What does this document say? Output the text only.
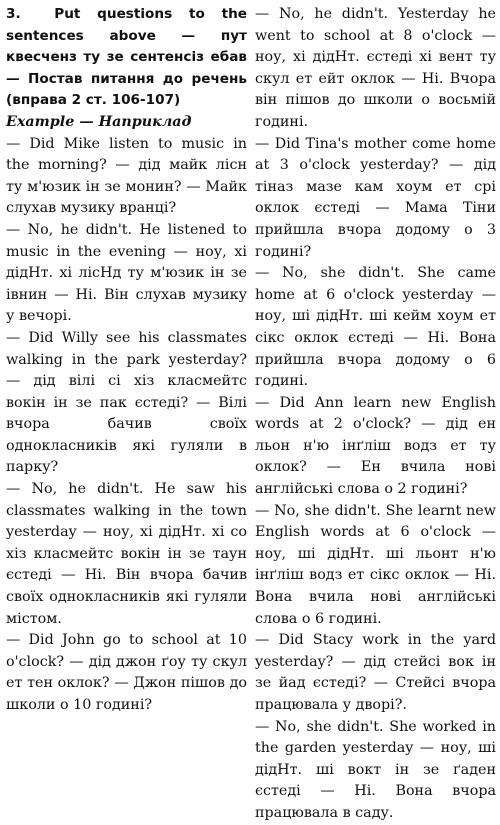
3. Put questions to the sentences above — пут квесченз ту зе сентенсіз ебав — Постав питання до речень (вправа 2 ст. 106-107)

Example — Наприклад

— Did Mike listen to music in the morning? — дід майк лісн ту м'юзик ін зе монин? — Майк слухав музику вранці?

— No, he didn't. He listened to music in the evening — ноу, хі дідНт. хі лісНд ту м'юзик ін зе івнин — Ні. Він слухав музику у вечорі.

— Did Willy see his classmates walking in the park yesterday? — дід вілі сі хіз класмейтс вокін ін зе пак єстеді? — Вілі вчора бачив своїх однокласників які гуляли в парку?

— No, he didn't. He saw his classmates walking in the town yesterday — ноу, хі дідНт. хі со хіз класмейтс вокін ін зе таун єстеді — Ні. Він вчора бачив своїх однокласників які гуляли містом.

— Did John go to school at 10 o'clock? — дід джон ґоу ту скул ет тен оклок? — Джон пішов до школи о 10 годині?

— No, he didn't. Yesterday he went to school at 8 o'clock — ноу, хі дідНт. єстеді хі вент ту скул ет ейт оклок — Ні. Вчора він пішов до школи о восьмій годині.

— Did Tina's mother come home at 3 o'clock yesterday? — дід тіназ мазе кам хоум ет срі оклок єстеді — Мама Тіни прийшла вчора додому о 3 годині?

— No, she didn't. She came home at 6 o'clock yesterday — ноу, ші дідНт. ші кейм хоум ет сікс оклок єстеді — Ні. Вона прийшла вчора додому о 6 годині.

— Did Ann learn new English words at 2 o'clock? — дід ен льон н'ю інґліш водз ет ту оклок? — Ен вчила нові англійські слова о 2 годині?

— No, she didn't. She learnt new English words at 6 o'clock — ноу, ші дідНт. ші льонт н'ю інґліш водз ет сікс оклок — Ні. Вона вчила нові англійські слова о 6 годині.

— Did Stacy work in the yard yesterday? — дід стейсі вок ін зе йад єстеді? — Стейсі вчора працювала у дворі?.

— No, she didn't. She worked in the garden yesterday — ноу, ші дідНт. ші вокт ін зе ґаден єстеді — Ні. Вона вчора працювала в саду.
